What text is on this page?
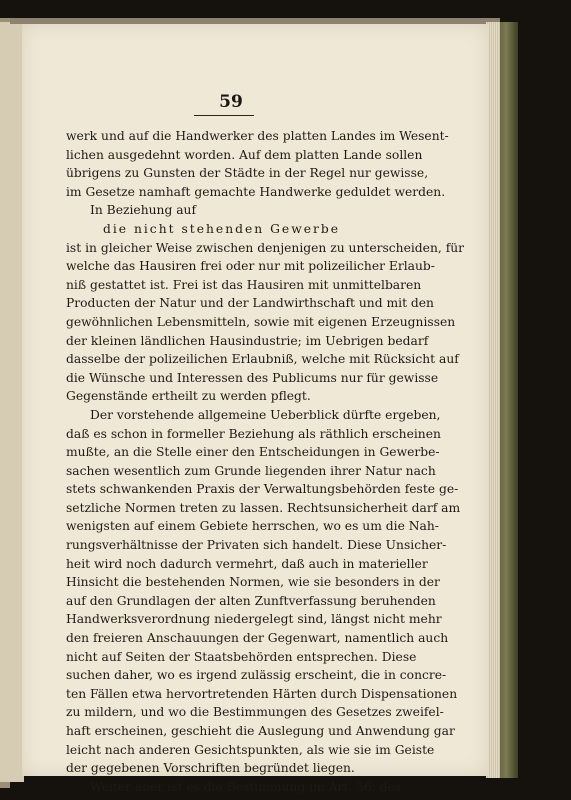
59
werk und auf die Handwerker des platten Landes im Wesent-
lichen ausgedehnt worden. Auf dem platten Lande sollen
übrigens zu Gunsten der Städte in der Regel nur gewisse,
im Gesetze namhaft gemachte Handwerke geduldet werden.
In Beziehung auf
die nicht stehenden Gewerbe
ist in gleicher Weise zwischen denjenigen zu unterscheiden, für
welche das Hausiren frei oder nur mit polizeilicher Erlaub-
niß gestattet ist. Frei ist das Hausiren mit unmittelbaren
Producten der Natur und der Landwirthschaft und mit den
gewöhnlichen Lebensmitteln, sowie mit eigenen Erzeugnissen
der kleinen ländlichen Hausindustrie; im Uebrigen bedarf
dasselbe der polizeilichen Erlaubniß, welche mit Rücksicht auf
die Wünsche und Interessen des Publicums nur für gewisse
Gegenstände ertheilt zu werden pflegt.
Der vorstehende allgemeine Ueberblick dürfte ergeben,
daß es schon in formeller Beziehung als räthlich erscheinen
mußte, an die Stelle einer den Entscheidungen in Gewerbe-
sachen wesentlich zum Grunde liegenden ihrer Natur nach
stets schwankenden Praxis der Verwaltungsbehörden feste ge-
setzliche Normen treten zu lassen. Rechtsunsicherheit darf am
wenigsten auf einem Gebiete herrschen, wo es um die Nah-
rungsverhältnisse der Privaten sich handelt. Diese Unsicher-
heit wird noch dadurch vermehrt, daß auch in materieller
Hinsicht die bestehenden Normen, wie sie besonders in der
auf den Grundlagen der alten Zunftverfassung beruhenden
Handwerksverordnung niedergelegt sind, längst nicht mehr
den freieren Anschauungen der Gegenwart, namentlich auch
nicht auf Seiten der Staatsbehörden entsprechen. Diese
suchen daher, wo es irgend zulässig erscheint, die in concre-
ten Fällen etwa hervortretenden Härten durch Dispensationen
zu mildern, und wo die Bestimmungen des Gesetzes zweifel-
haft erscheinen, geschieht die Auslegung und Anwendung gar
leicht nach anderen Gesichtspunkten, als wie sie im Geiste
der gegebenen Vorschriften begründet liegen.
Weiter aber ist es die Bestimmung im Art. 56. des
